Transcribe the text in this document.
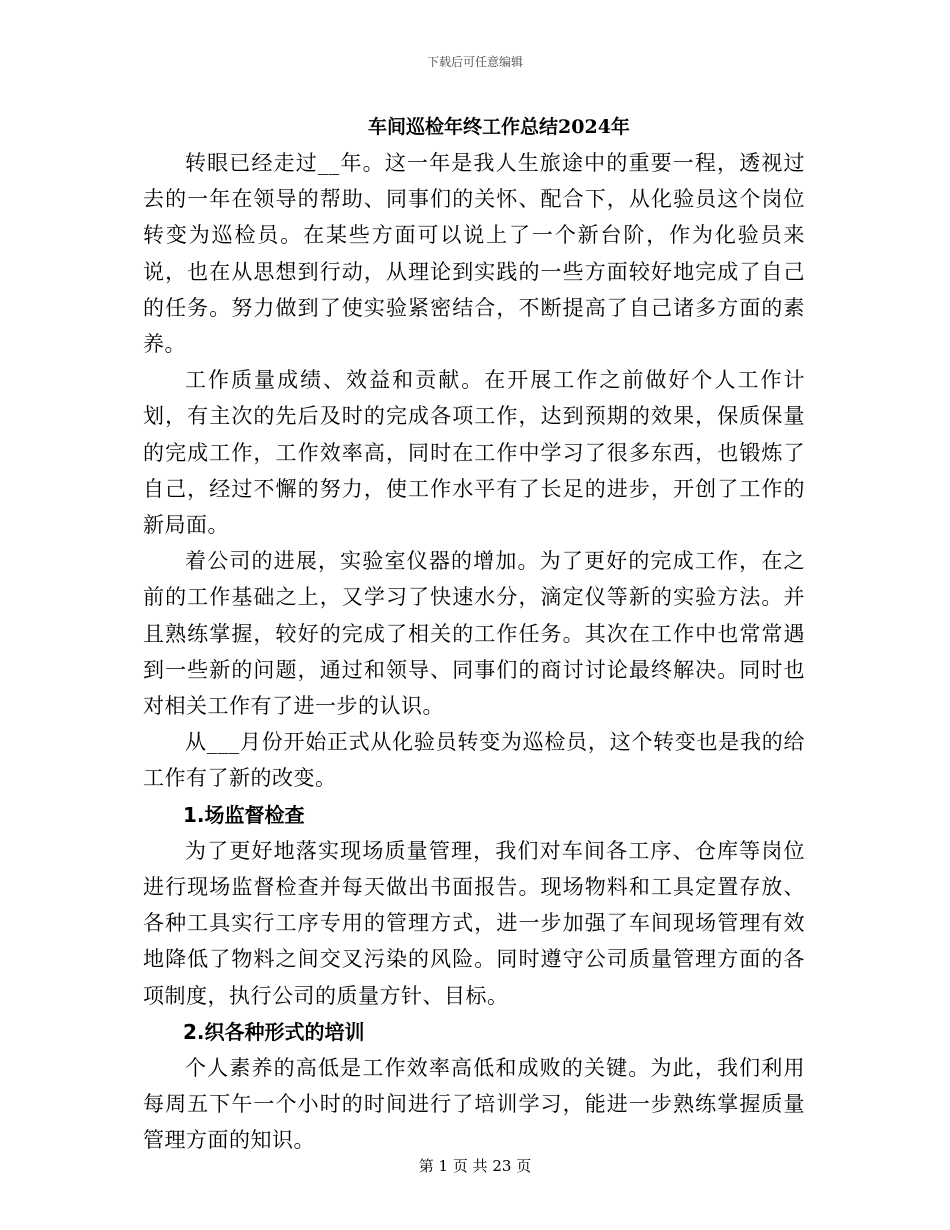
下载后可任意编辑
车间巡检年终工作总结2024年

转眼已经走过__年。这一年是我人生旅途中的重要一程，透视过去的一年在领导的帮助、同事们的关怀、配合下，从化验员这个岗位转变为巡检员。在某些方面可以说上了一个新台阶，作为化验员来说，也在从思想到行动，从理论到实践的一些方面较好地完成了自己的任务。努力做到了使实验紧密结合，不断提高了自己诸多方面的素养。

工作质量成绩、效益和贡献。在开展工作之前做好个人工作计划，有主次的先后及时的完成各项工作，达到预期的效果，保质保量的完成工作，工作效率高，同时在工作中学习了很多东西，也锻炼了自己，经过不懈的努力，使工作水平有了长足的进步，开创了工作的新局面。

着公司的进展，实验室仪器的增加。为了更好的完成工作，在之前的工作基础之上，又学习了快速水分，滴定仪等新的实验方法。并且熟练掌握，较好的完成了相关的工作任务。其次在工作中也常常遇到一些新的问题，通过和领导、同事们的商讨讨论最终解决。同时也对相关工作有了进一步的认识。

从___月份开始正式从化验员转变为巡检员，这个转变也是我的给工作有了新的改变。

1.场监督检查

为了更好地落实现场质量管理，我们对车间各工序、仓库等岗位进行现场监督检查并每天做出书面报告。现场物料和工具定置存放、各种工具实行工序专用的管理方式，进一步加强了车间现场管理有效地降低了物料之间交叉污染的风险。同时遵守公司质量管理方面的各项制度，执行公司的质量方针、目标。

2.织各种形式的培训

个人素养的高低是工作效率高低和成败的关键。为此，我们利用每周五下午一个小时的时间进行了培训学习，能进一步熟练掌握质量管理方面的知识。

第 1 页 共 23 页
